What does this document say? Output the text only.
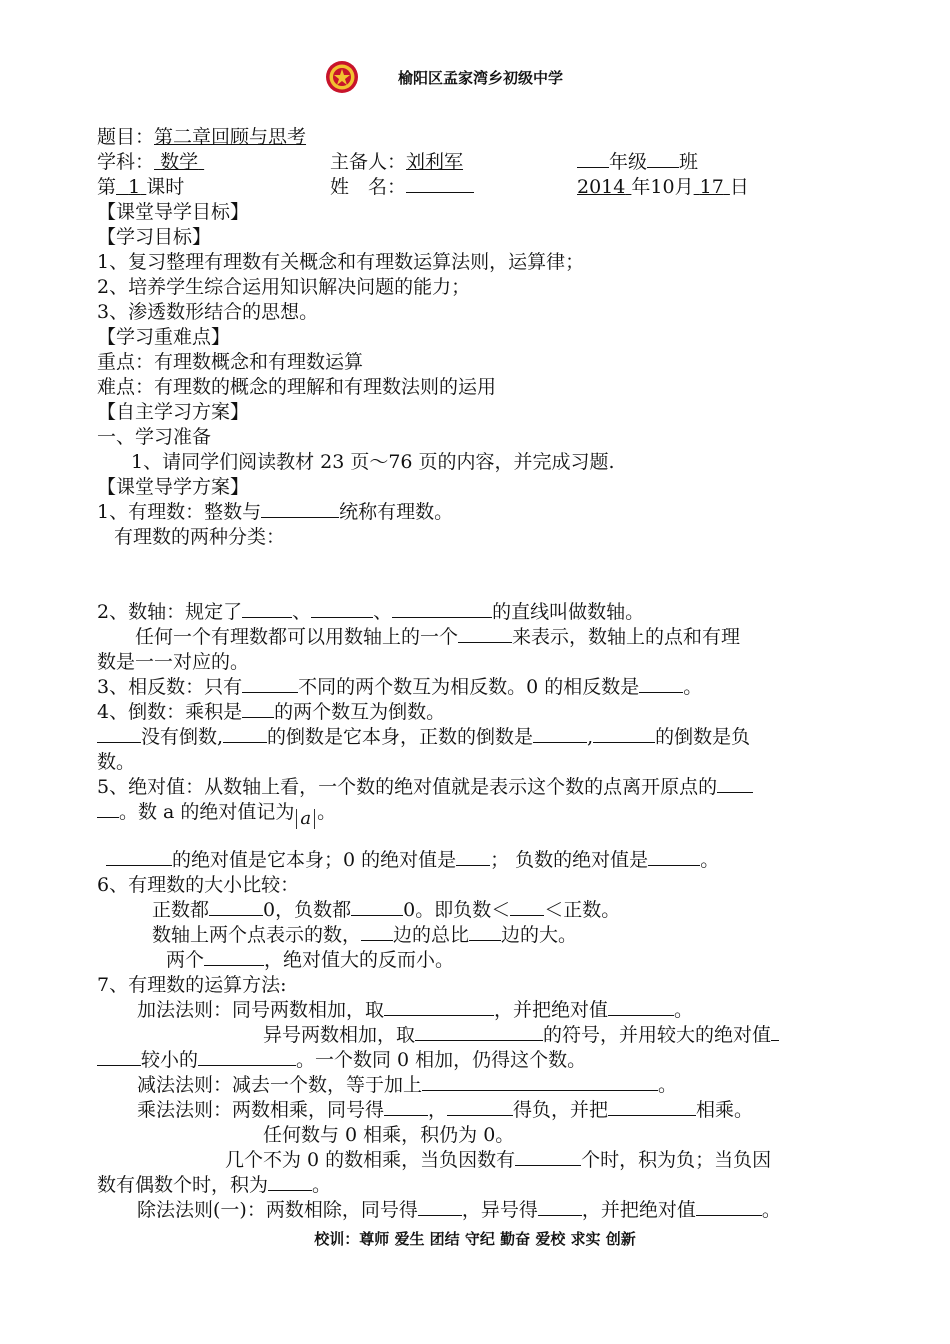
榆阳区孟家湾乡初级中学
题目：第二章回顾与思考
学科： 数学	主备人：刘利军	年级 班
第 1 课时	姓　名：	2014 年10月 17 日
【课堂导学目标】
【学习目标】
1、复习整理有理数有关概念和有理数运算法则，运算律；
2、培养学生综合运用知识解决问题的能力；
3、渗透数形结合的思想。
【学习重难点】
重点：有理数概念和有理数运算
难点：有理数的概念的理解和有理数法则的运用
【自主学习方案】
一、学习准备
1、请同学们阅读教材 23 页～76 页的内容，并完成习题.
【课堂导学方案】
1、有理数：整数与	统称有理数。
有理数的两种分类：
2、数轴：规定了	、	、	的直线叫做数轴。
任何一个有理数都可以用数轴上的一个	来表示，数轴上的点和有理
数是一一对应的。
3、相反数：只有	不同的两个数互为相反数。0 的相反数是 。
4、倒数：乘积是 的两个数互为倒数。
没有倒数, 的倒数是它本身，正数的倒数是	,	的倒数是负
数。
5、绝对值：从数轴上看，一个数的绝对值就是表示这个数的点离开原点的
。数 a 的绝对值记为 a 。
的绝对值是它本身；0 的绝对值是 ； 负数的绝对值是	。
6、有理数的大小比较：
正数都	0，负数都	0。即负数＜ ＜正数。
数轴上两个点表示的数， 边的总比 边的大。
两个	，绝对值大的反而小。
7、有理数的运算方法:
加法法则：同号两数相加，取	，并把绝对值	。
异号两数相加，取	的符号，并用较大的绝对值
较小的	。一个数同 0 相加，仍得这个数。
减法法则：减去一个数，等于加上	。
乘法法则：两数相乘，同号得 ，	得负，并把	相乘。
任何数与 0 相乘，积仍为 0。
几个不为 0 的数相乘，当负因数有	个时，积为负；当负因
数有偶数个时，积为 。
除法法则(一)：两数相除，同号得 ，异号得 ，并把绝对值	。
校训：尊师 爱生 团结 守纪 勤奋 爱校 求实 创新
